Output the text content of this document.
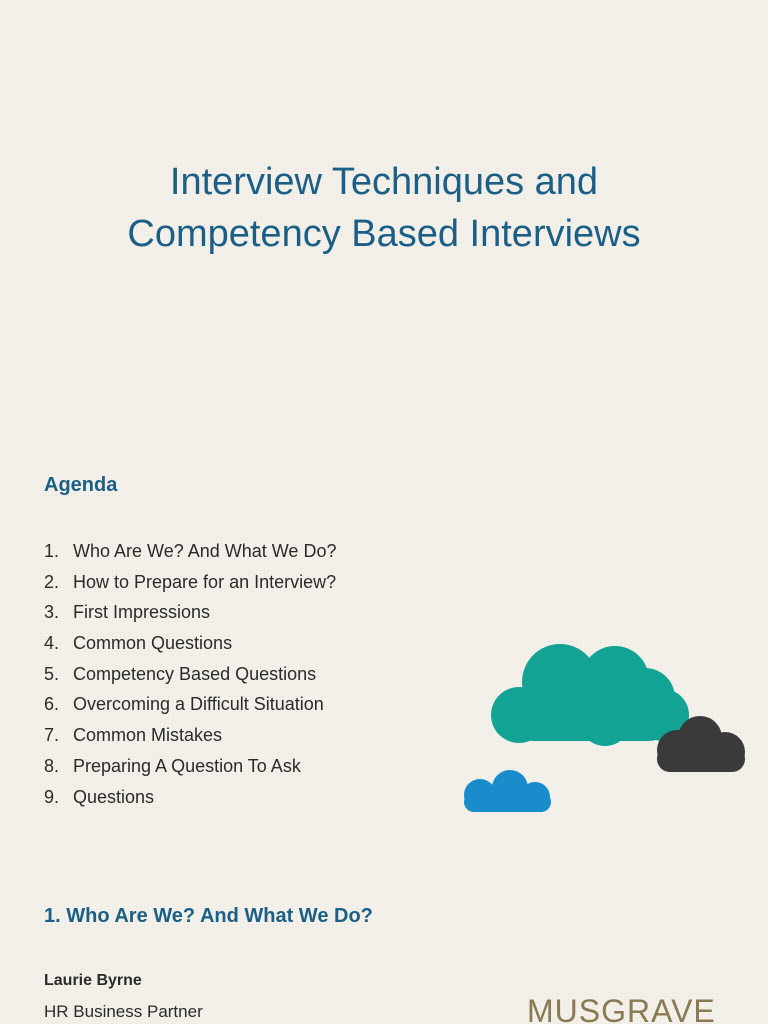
Interview Techniques and
Competency Based Interviews
Agenda
1. Who Are We? And What We Do?
2. How to Prepare for an Interview?
3. First Impressions
4. Common Questions
5. Competency Based Questions
6. Overcoming a Difficult Situation
7. Common Mistakes
8. Preparing A Question To Ask
9. Questions
1. Who Are We? And What We Do?
Laurie Byrne
HR Business Partner	MUSGRAVE
